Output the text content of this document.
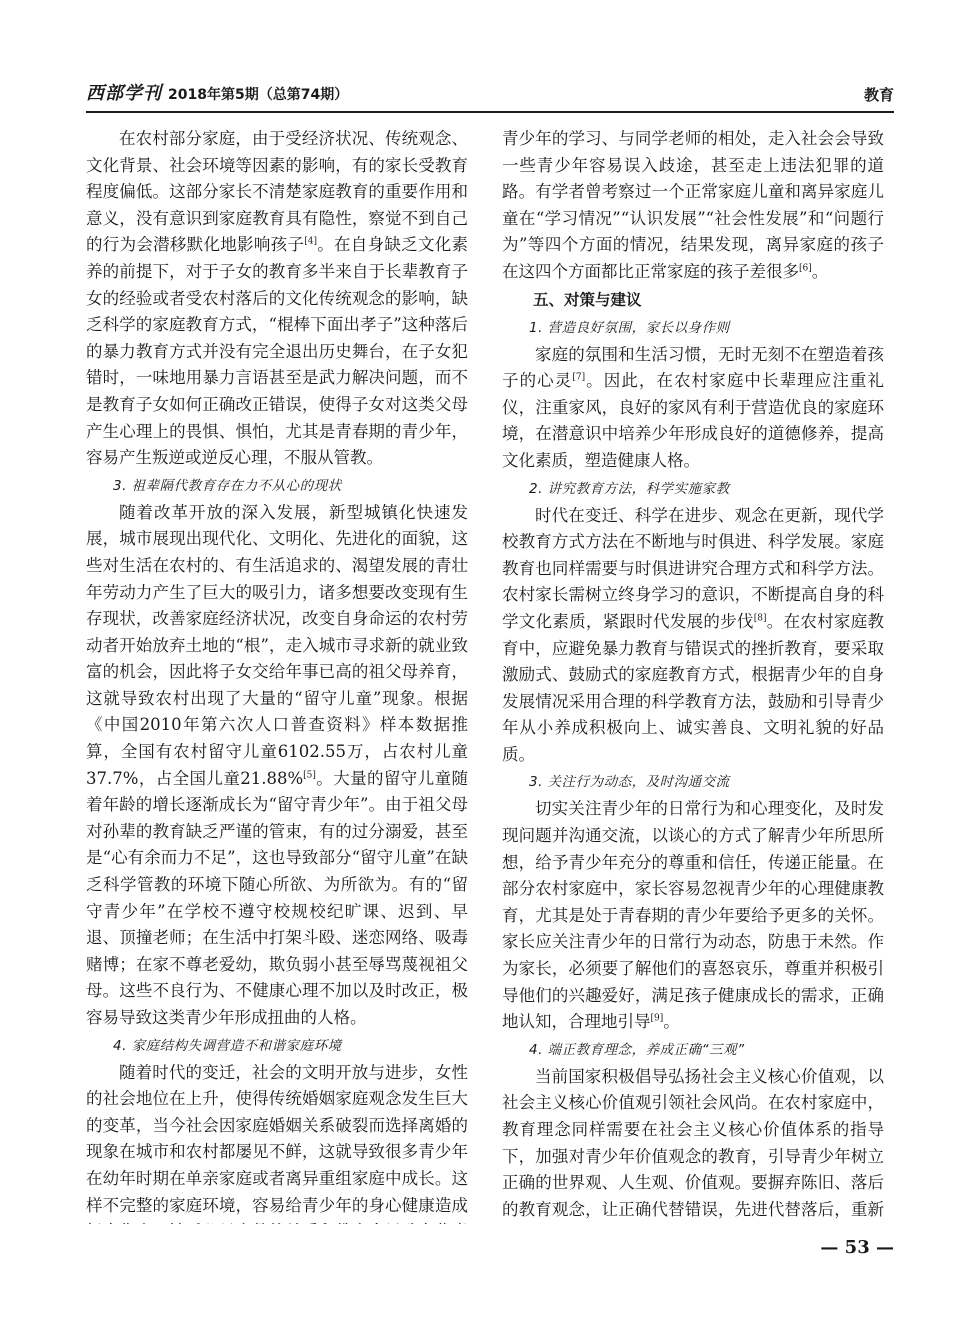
西部学刊 2018年第5期（总第74期）	教育

在农村部分家庭，由于受经济状况、传统观念、文化背景、社会环境等因素的影响，有的家长受教育程度偏低。这部分家长不清楚家庭教育的重要作用和意义，没有意识到家庭教育具有隐性，察觉不到自己的行为会潜移默化地影响孩子[4]。在自身缺乏文化素养的前提下，对于子女的教育多半来自于长辈教育子女的经验或者受农村落后的文化传统观念的影响，缺乏科学的家庭教育方式，“棍棒下面出孝子”这种落后的暴力教育方式并没有完全退出历史舞台，在子女犯错时，一味地用暴力言语甚至是武力解决问题，而不是教育子女如何正确改正错误，使得子女对这类父母产生心理上的畏惧、惧怕，尤其是青春期的青少年，容易产生叛逆或逆反心理，不服从管教。

3. 祖辈隔代教育存在力不从心的现状

随着改革开放的深入发展，新型城镇化快速发展，城市展现出现代化、文明化、先进化的面貌，这些对生活在农村的、有生活追求的、渴望发展的青壮年劳动力产生了巨大的吸引力，诸多想要改变现有生存现状，改善家庭经济状况，改变自身命运的农村劳动者开始放弃土地的“根”，走入城市寻求新的就业致富的机会，因此将子女交给年事已高的祖父母养育，这就导致农村出现了大量的“留守儿童”现象。根据《中国2010年第六次人口普查资料》样本数据推算，全国有农村留守儿童6102.55万，占农村儿童37.7%，占全国儿童21.88%[5]。大量的留守儿童随着年龄的增长逐渐成长为“留守青少年”。由于祖父母对孙辈的教育缺乏严谨的管束，有的过分溺爱，甚至是“心有余而力不足”，这也导致部分“留守儿童”在缺乏科学管教的环境下随心所欲、为所欲为。有的“留守青少年”在学校不遵守校规校纪旷课、迟到、早退、顶撞老师；在生活中打架斗殴、迷恋网络、吸毒赌博；在家不尊老爱幼，欺负弱小甚至辱骂蔑视祖父母。这些不良行为、不健康心理不加以及时改正，极容易导致这类青少年形成扭曲的人格。

4. 家庭结构失调营造不和谐家庭环境

随着时代的变迁，社会的文明开放与进步，女性的社会地位在上升，使得传统婚姻家庭观念发生巨大的变革，当今社会因家庭婚姻关系破裂而选择离婚的现象在城市和农村都屡见不鲜，这就导致很多青少年在幼年时期在单亲家庭或者离异重组家庭中成长。这样不完整的家庭环境，容易给青少年的身心健康造成

青少年的学习、与同学老师的相处，走入社会会导致一些青少年容易误入歧途，甚至走上违法犯罪的道路。有学者曾考察过一个正常家庭儿童和离异家庭儿童在“学习情况”“认识发展”“社会性发展”和“问题行为”等四个方面的情况，结果发现，离异家庭的孩子在这四个方面都比正常家庭的孩子差很多[6]。

五、对策与建议
1. 营造良好氛围，家长以身作则

家庭的氛围和生活习惯，无时无刻不在塑造着孩子的心灵[7]。因此，在农村家庭中长辈理应注重礼仪，注重家风，良好的家风有利于营造优良的家庭环境，在潜意识中培养少年形成良好的道德修养，提高文化素质，塑造健康人格。

2. 讲究教育方法，科学实施家教

时代在变迁、科学在进步、观念在更新，现代学校教育方式方法在不断地与时俱进、科学发展。家庭教育也同样需要与时俱进讲究合理方式和科学方法。农村家长需树立终身学习的意识，不断提高自身的科学文化素质，紧跟时代发展的步伐[8]。在农村家庭教育中，应避免暴力教育与错误式的挫折教育，要采取激励式、鼓励式的家庭教育方式，根据青少年的自身发展情况采用合理的科学教育方法，鼓励和引导青少年从小养成积极向上、诚实善良、文明礼貌的好品质。

3. 关注行为动态，及时沟通交流

切实关注青少年的日常行为和心理变化，及时发现问题并沟通交流，以谈心的方式了解青少年所思所想，给予青少年充分的尊重和信任，传递正能量。在部分农村家庭中，家长容易忽视青少年的心理健康教育，尤其是处于青春期的青少年要给予更多的关怀。家长应关注青少年的日常行为动态，防患于未然。作为家长，必须要了解他们的喜怒哀乐，尊重并积极引导他们的兴趣爱好，满足孩子健康成长的需求，正确地认知，合理地引导[9]。

4. 端正教育理念，养成正确“三观”

当前国家积极倡导弘扬社会主义核心价值观，以社会主义核心价值观引领社会风尚。在农村家庭中，教育理念同样需要在社会主义核心价值体系的指导下，加强对青少年价值观念的教育，引导青少年树立正确的世界观、人生观、价值观。要摒弃陈旧、落后的教育观念，让正确代替错误，先进代替落后，重新

— 53 —
